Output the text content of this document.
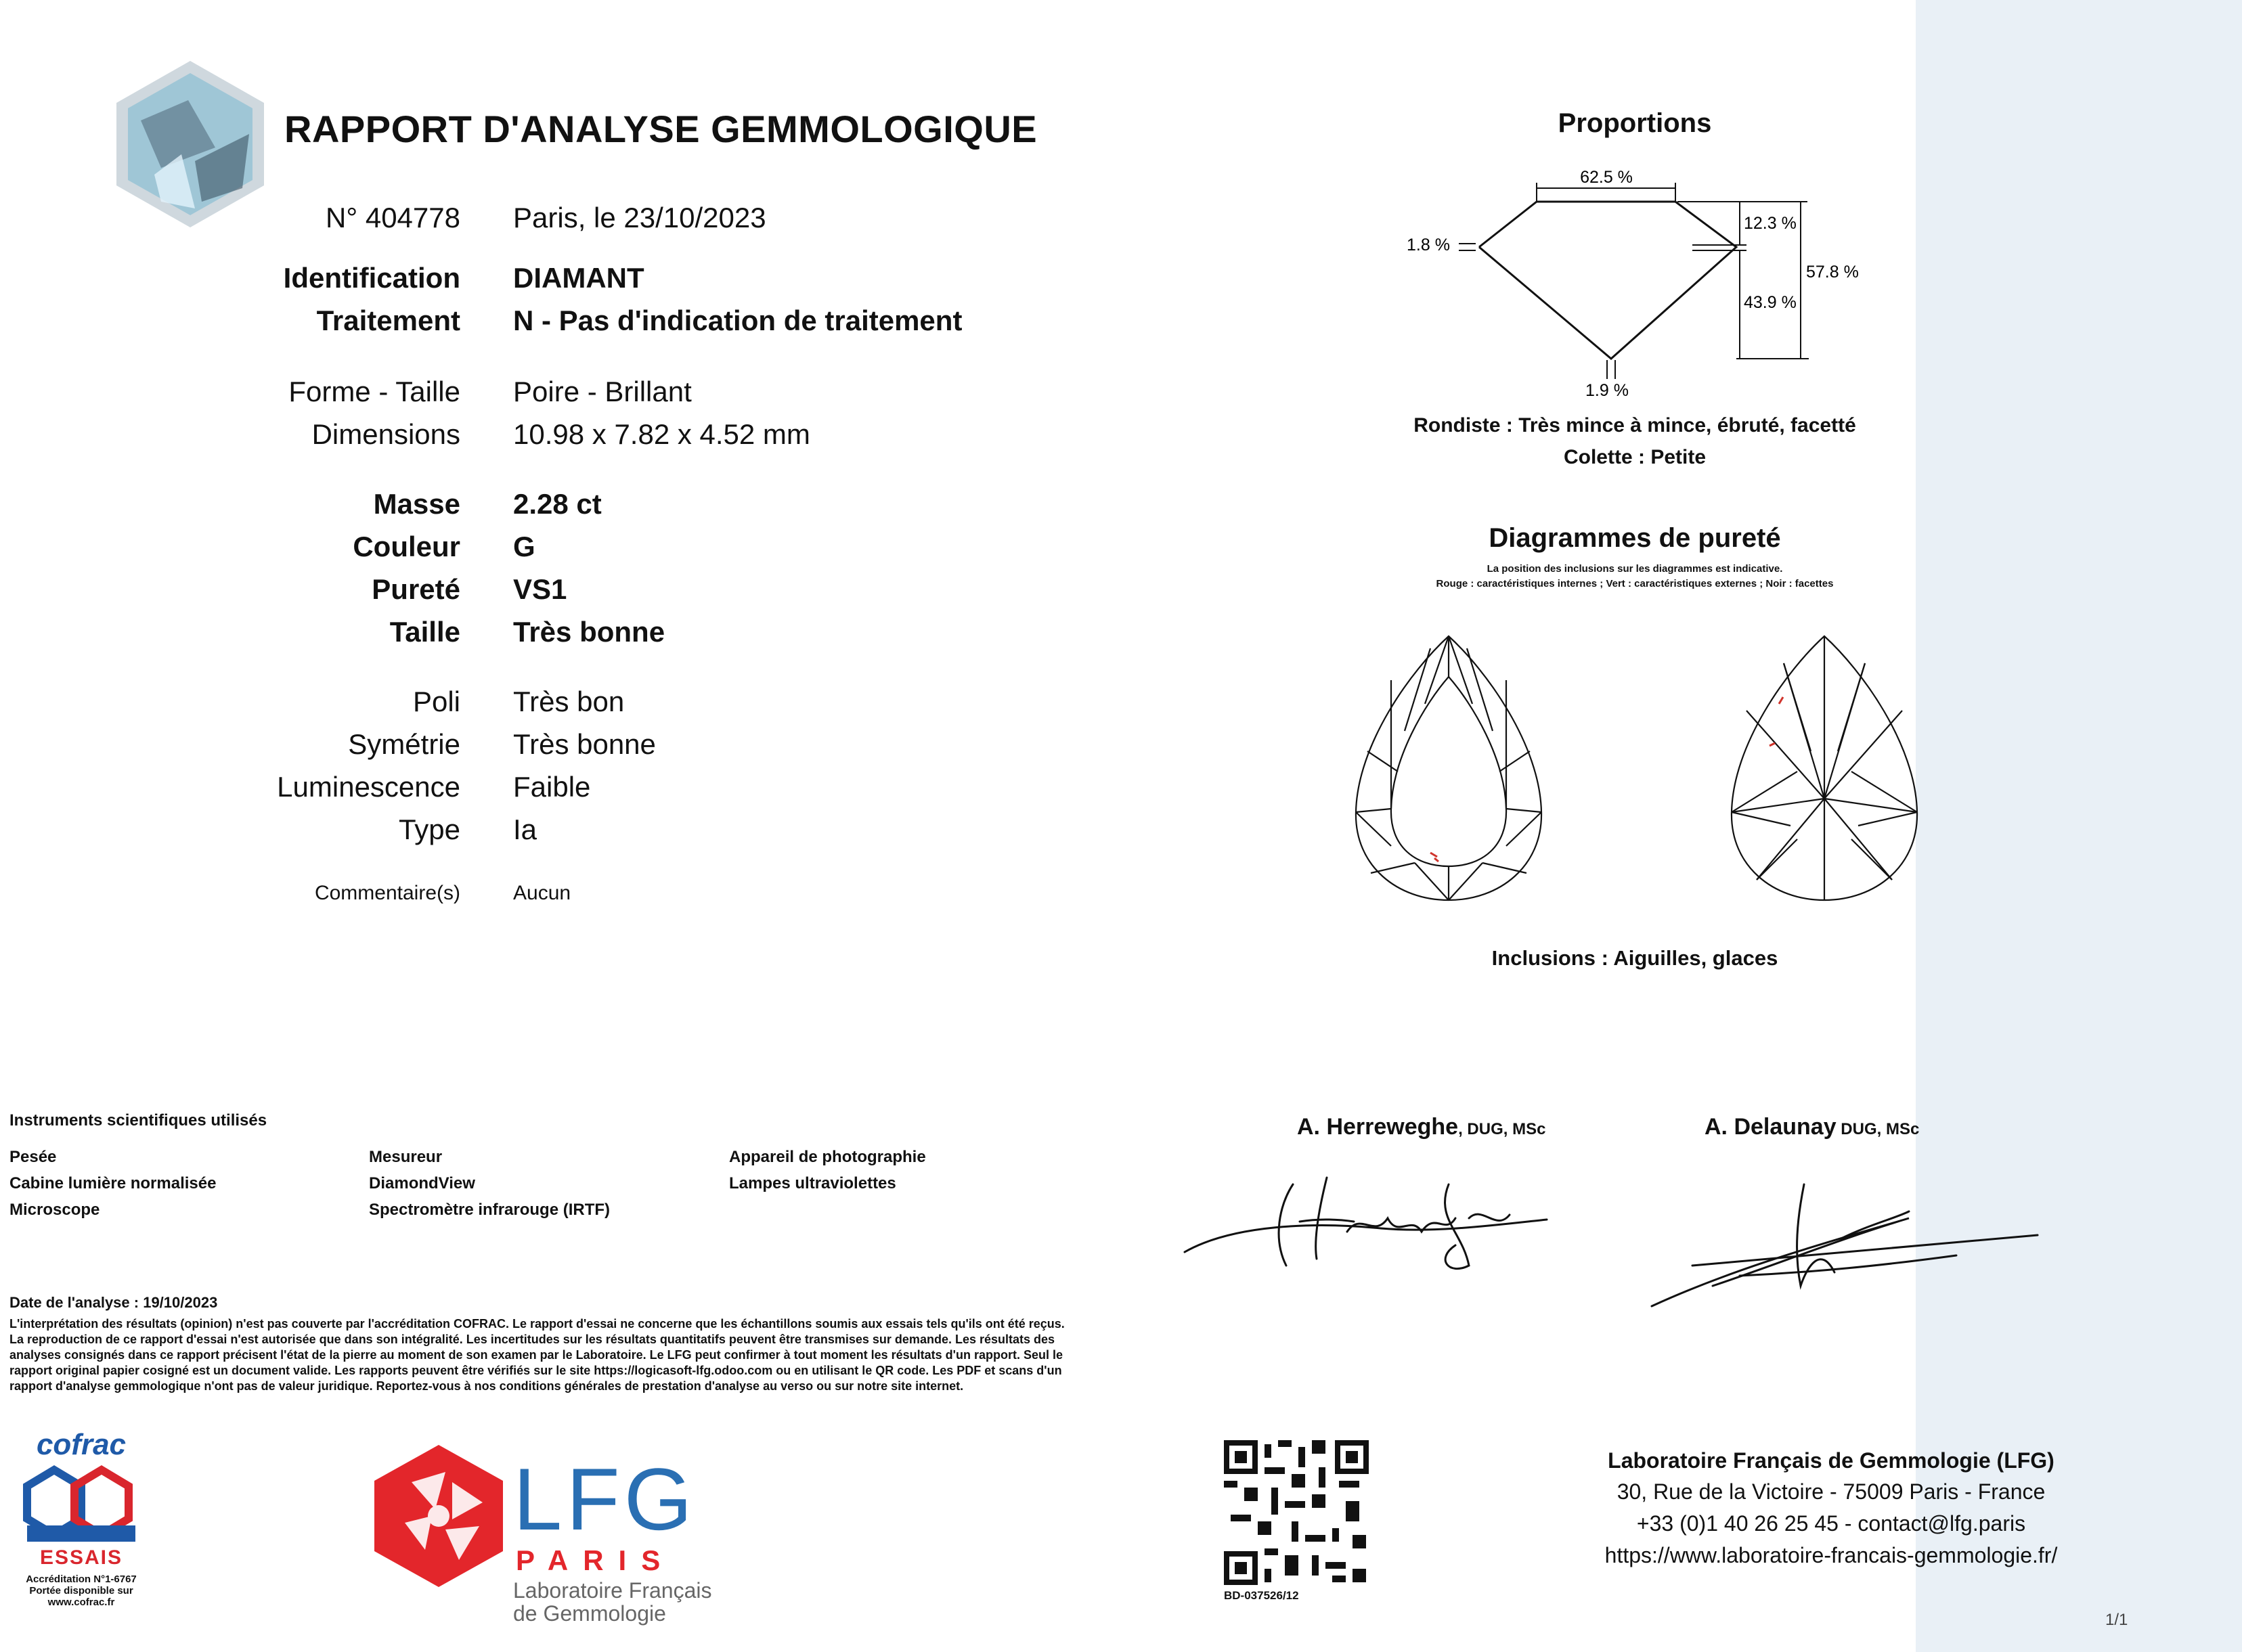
RAPPORT D'ANALYSE GEMMOLOGIQUE
N° 404778 Paris, le 23/10/2023
Identification DIAMANT
Traitement N - Pas d'indication de traitement
Forme - Taille Poire - Brillant
Dimensions 10.98 x 7.82 x 4.52 mm
Masse 2.28 ct
Couleur G
Pureté VS1
Taille Très bonne
Poli Très bon
Symétrie Très bonne
Luminescence Faible
Type Ia
Commentaire(s)	Aucun
Proportions
62.5 %
12.3 %
57.8 %
43.9 %
1.8 %
1.9 %
Rondiste : Très mince à mince, ébruté, facetté
Colette : Petite
Diagrammes de pureté
La position des inclusions sur les diagrammes est indicative.
Rouge : caractéristiques internes ; Vert : caractéristiques externes ; Noir : facettes
Inclusions : Aiguilles, glaces
Instruments scientifiques utilisés
Pesée
Cabine lumière normalisée
Microscope
Mesureur
DiamondView
Spectromètre infrarouge (IRTF)
Appareil de photographie
Lampes ultraviolettes
A. Herreweghe, DUG, MSc	A. Delaunay DUG, MSc
Date de l'analyse : 19/10/2023
L'interprétation des résultats (opinion) n'est pas couverte par l'accréditation COFRAC. Le rapport d'essai ne concerne que les échantillons soumis aux essais tels qu'ils ont été reçus. La reproduction de ce rapport d'essai n'est autorisée que dans son intégralité. Les incertitudes sur les résultats quantitatifs peuvent être transmises sur demande. Les résultats des analyses consignés dans ce rapport précisent l'état de la pierre au moment de son examen par le Laboratoire. Le LFG peut confirmer à tout moment les résultats d'un rapport. Seul le rapport original papier cosigné est un document valide. Les rapports peuvent être vérifiés sur le site https://logicasoft-lfg.odoo.com ou en utilisant le QR code. Les PDF et scans d'un rapport d'analyse gemmologique n'ont pas de valeur juridique. Reportez-vous à nos conditions générales de prestation d'analyse au verso ou sur notre site internet.
cofrac
ESSAIS
Accréditation N°1-6767
Portée disponible sur
www.cofrac.fr
LFG
PARIS
Laboratoire Français
de Gemmologie
BD-037526/12
Laboratoire Français de Gemmologie (LFG)
30, Rue de la Victoire - 75009 Paris - France
+33 (0)1 40 26 25 45 - contact@lfg.paris
https://www.laboratoire-francais-gemmologie.fr/
1/1
